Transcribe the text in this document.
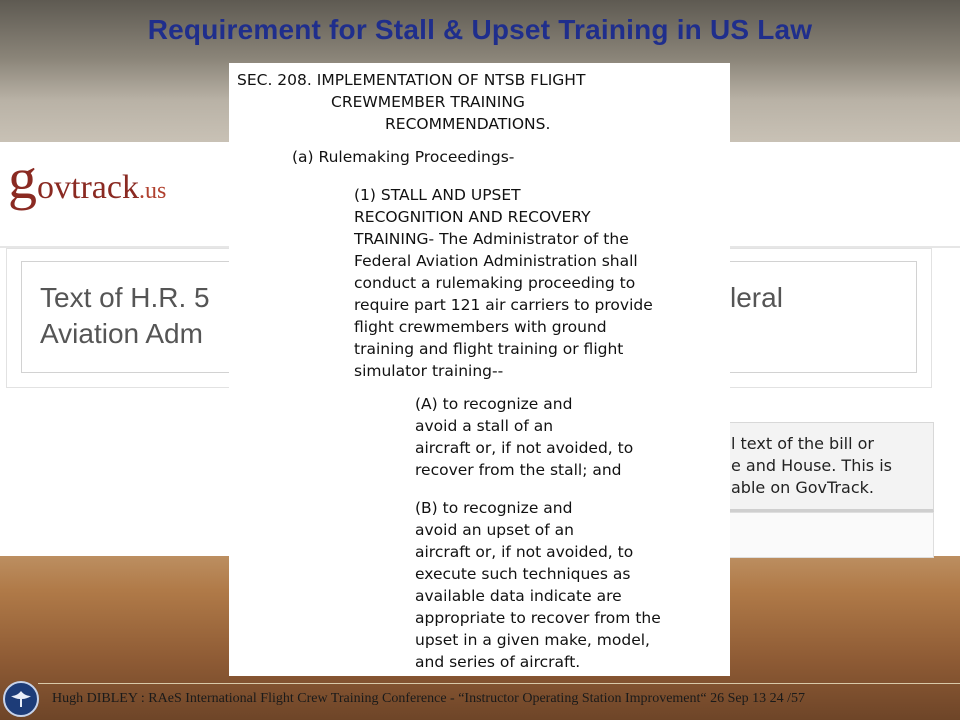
Requirement for Stall & Upset Training in US Law
govtrack.us
Text of H.R. 5
Aviation Adm
leral

l text of the bill or
e and House. This is
able on GovTrack.

SEC. 208. IMPLEMENTATION OF NTSB FLIGHT
CREWMEMBER TRAINING
RECOMMENDATIONS.
(a) Rulemaking Proceedings-
(1) STALL AND UPSET
RECOGNITION AND RECOVERY
TRAINING- The Administrator of the
Federal Aviation Administration shall
conduct a rulemaking proceeding to
require part 121 air carriers to provide
flight crewmembers with ground
training and flight training or flight
simulator training--
(A) to recognize and
avoid a stall of an
aircraft or, if not avoided, to
recover from the stall; and
(B) to recognize and
avoid an upset of an
aircraft or, if not avoided, to
execute such techniques as
available data indicate are
appropriate to recover from the
upset in a given make, model,
and series of aircraft.
Hugh DIBLEY : RAeS International Flight Crew Training Conference - “Instructor Operating Station Improvement“ 26 Sep 13 24 /57
